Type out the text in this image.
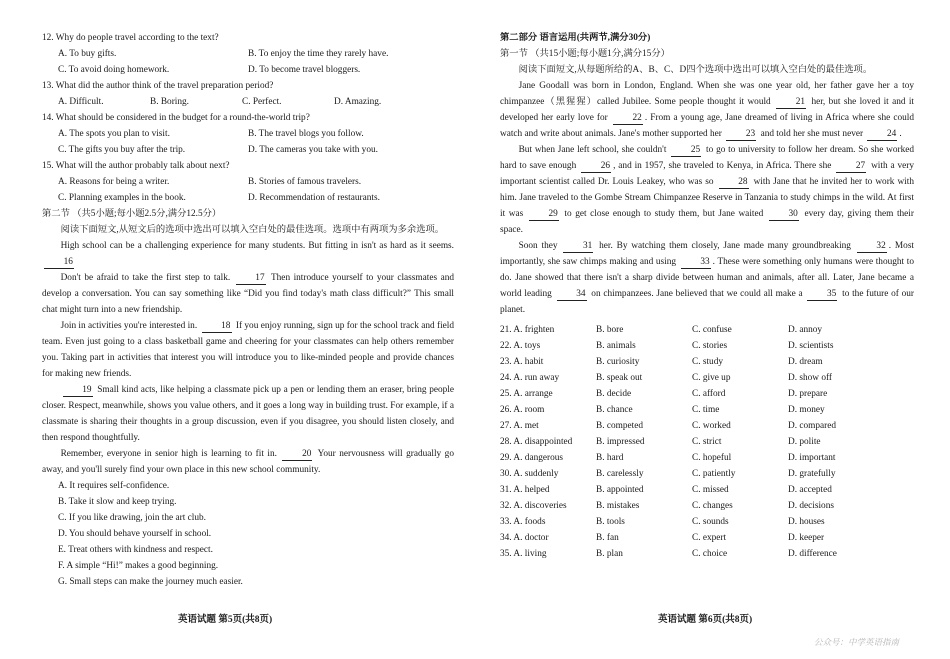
12. Why do people travel according to the text?
A. To buy gifts.	B. To enjoy the time they rarely have.
C. To avoid doing homework.	D. To become travel bloggers.
13. What did the author think of the travel preparation period?
A. Difficult.	B. Boring.	C. Perfect.	D. Amazing.
14. What should be considered in the budget for a round-the-world trip?
A. The spots you plan to visit.	B. The travel blogs you follow.
C. The gifts you buy after the trip.	D. The cameras you take with you.
15. What will the author probably talk about next?
A. Reasons for being a writer.	B. Stories of famous travelers.
C. Planning examples in the book.	D. Recommendation of restaurants.
第二节 （共5小题;每小题2.5分,满分12.5分）

阅读下面短文,从短文后的选项中选出可以填入空白处的最佳选项。选项中有两项为多余选项。

High school can be a challenging experience for many students. But fitting in isn't as hard as it seems. 16

Don't be afraid to take the first step to talk.	17 Then introduce yourself to your classmates and develop a conversation. You can say something like “Did you find today's math class difficult?” This small chat might turn into a new friendship.

Join in activities you're interested in.	18 If you enjoy running, sign up for the school track and field team. Even just going to a class basketball game and cheering for your classmates can help others remember you. Taking part in activities that interest you will introduce you to like-minded people and provide chances for making new friends.

19 Small kind acts, like helping a classmate pick up a pen or lending them an eraser, bring people closer. Respect, meanwhile, shows you value others, and it goes a long way in building trust. For example, if a classmate is sharing their thoughts in a group discussion, even if you disagree, you should listen closely, and then respond thoughtfully.

Remember, everyone in senior high is learning to fit in.	20 Your nervousness will gradually go away, and you'll surely find your own place in this new school community.

A. It requires self-confidence.
B. Take it slow and keep trying.
C. If you like drawing, join the art club.
D. You should behave yourself in school.
E. Treat others with kindness and respect.
F. A simple “Hi!” makes a good beginning.
G. Small steps can make the journey much easier.
英语试题 第5页(共8页)
第二部分 语言运用(共两节,满分30分)
第一节 （共15小题;每小题1分,满分15分）

阅读下面短文,从每题所给的A、B、C、D四个选项中选出可以填入空白处的最佳选项。

Jane Goodall was born in London, England. When she was one year old, her father gave her a toy chimpanzee（黑猩猩）called Jubilee. Some people thought it would	21 her, but she loved it and it developed her early love for	22 . From a young age, Jane dreamed of living in Africa where she could watch and write about animals. Jane's mother supported her	23 and told her she must never	24 .

But when Jane left school, she couldn't	25 to go to university to follow her dream. So she worked hard to save enough	26 , and in 1957, she traveled to Kenya, in Africa. There she	27 with a very important scientist called Dr. Louis Leakey, who was so	28 with Jane that he invited her to work with him. Jane traveled to the Gombe Stream Chimpanzee Reserve in Tanzania to study chimps in the wild. At first it was	29 to get close enough to study them, but Jane waited	30 every day, giving them their space.

Soon they	31 her. By watching them closely, Jane made many groundbreaking	32 . Most importantly, she saw chimps making and using	33 . These were something only humans were thought to do. Jane showed that there isn't a sharp divide between human and animals, after all. Later, Jane became a world leading	34 on chimpanzees. Jane believed that we could all make a	35 to the future of our planet.

21. A. frighten	B. bore	C. confuse	D. annoy
22. A. toys	B. animals	C. stories	D. scientists
23. A. habit	B. curiosity	C. study	D. dream
24. A. run away	B. speak out	C. give up	D. show off
25. A. arrange	B. decide	C. afford	D. prepare
26. A. room	B. chance	C. time	D. money
27. A. met	B. competed	C. worked	D. compared
28. A. disappointed	B. impressed	C. strict	D. polite
29. A. dangerous	B. hard	C. hopeful	D. important
30. A. suddenly	B. carelessly	C. patiently	D. gratefully
31. A. helped	B. appointed	C. missed	D. accepted
32. A. discoveries	B. mistakes	C. changes	D. decisions
33. A. foods	B. tools	C. sounds	D. houses
34. A. doctor	B. fan	C. expert	D. keeper
35. A. living	B. plan	C. choice	D. difference
英语试题 第6页(共8页)
公众号：中学英语指南
